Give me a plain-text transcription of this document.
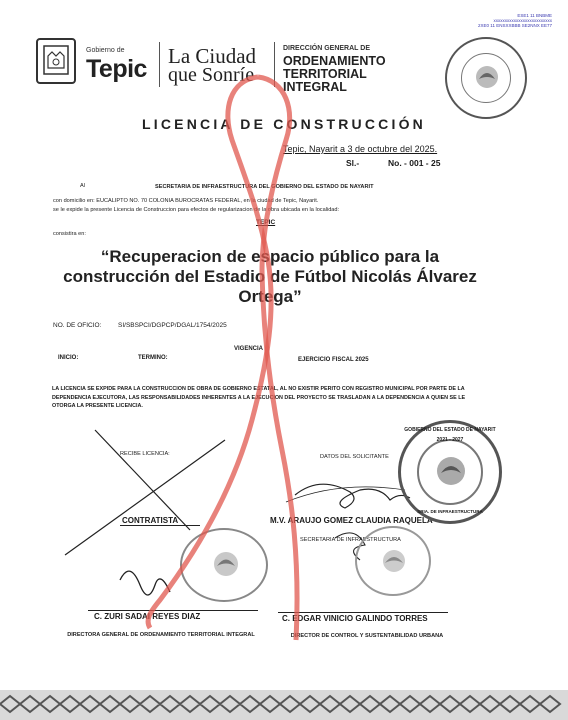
ESE1 11 BNBME
xxxxxxxxxxxxxxxxxxxxxxxxxx
2XE0 11 ENSXXBBB SE2NNX EE77
Gobierno de
Tepic La Ciudad
que Sonríe
DIRECCIÓN GENERAL DE
ORDENAMIENTO
TERRITORIAL
INTEGRAL
LICENCIA DE CONSTRUCCIÓN
Tepic, Nayarit a 3 de octubre del 2025.
Sl.-	No. - 001 - 25
Al	SECRETARIA DE INFRAESTRUCTURA DEL GOBIERNO DEL ESTADO DE NAYARIT
con domicilio en: EUCALIPTO NO. 70 COLONIA BUROCRATAS FEDERAL, en la ciudad de Tepic, Nayarit.
se le expide la presente Licencia de Construccion para efectos de regularizacion de la obra ubicada en la localidad:
TEPIC
consistira en:
“Recuperacion de espacio público para la construcción del Estadio de Fútbol Nicolás Álvarez Ortega”
NO. DE OFICIO:	SI/SBSPCI/DGPCP/DGAL/1754/2025
VIGENCIA
INICIO:	TERMINO:	EJERCICIO FISCAL 2025
LA LICENCIA SE EXPIDE PARA LA CONSTRUCCION DE OBRA DE GOBIERNO ESTATAL, AL NO EXISTIR PERITO CON REGISTRO MUNICIPAL POR PARTE DE LA DEPENDENCIA EJECUTORA, LAS RESPONSABILIDADES INHERENTES A LA EJECUCION DEL PROYECTO SE TRASLADAN A LA DEPENDENCIA A QUIEN SE LE OTORGA LA PRESENTE LICENCIA.
RECIBE LICENCIA:	DATOS DEL SOLICITANTE
CONTRATISTA	M.V. ARAUJO GOMEZ CLAUDIA RAQUELA
SECRETARIA DE INFRAESTRUCTURA
GOBIERNO DEL ESTADO DE NAYARIT
2021 - 2027
SRIA. DE INFRAESTRUCTURA
C. ZURI SADAI REYES DIAZ	C. EDGAR VINICIO GALINDO TORRES
DIRECTORA GENERAL DE ORDENAMIENTO TERRITORIAL INTEGRAL	DIRECTOR DE CONTROL Y SUSTENTABILIDAD URBANA
